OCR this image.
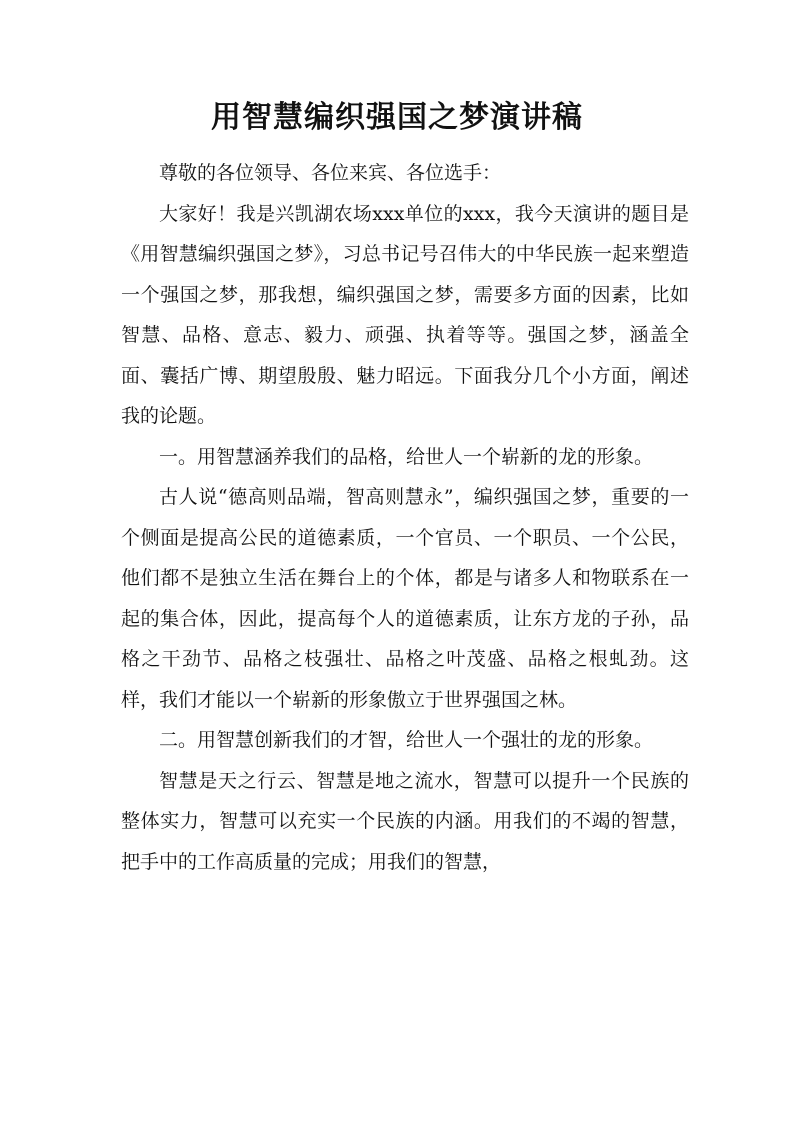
用智慧编织强国之梦演讲稿

尊敬的各位领导、各位来宾、各位选手：

大家好！我是兴凯湖农场xxx单位的xxx，我今天演讲的题目是《用智慧编织强国之梦》，习总书记号召伟大的中华民族一起来塑造一个强国之梦，那我想，编织强国之梦，需要多方面的因素，比如智慧、品格、意志、毅力、顽强、执着等等。强国之梦，涵盖全面、囊括广博、期望殷殷、魅力昭远。下面我分几个小方面，阐述我的论题。

一。用智慧涵养我们的品格，给世人一个崭新的龙的形象。

古人说“德高则品端，智高则慧永”，编织强国之梦，重要的一个侧面是提高公民的道德素质，一个官员、一个职员、一个公民，他们都不是独立生活在舞台上的个体，都是与诸多人和物联系在一起的集合体，因此，提高每个人的道德素质，让东方龙的子孙，品格之干劲节、品格之枝强壮、品格之叶茂盛、品格之根虬劲。这样，我们才能以一个崭新的形象傲立于世界强国之林。

二。用智慧创新我们的才智，给世人一个强壮的龙的形象。

智慧是天之行云、智慧是地之流水，智慧可以提升一个民族的整体实力，智慧可以充实一个民族的内涵。用我们的不竭的智慧，把手中的工作高质量的完成；用我们的智慧，
